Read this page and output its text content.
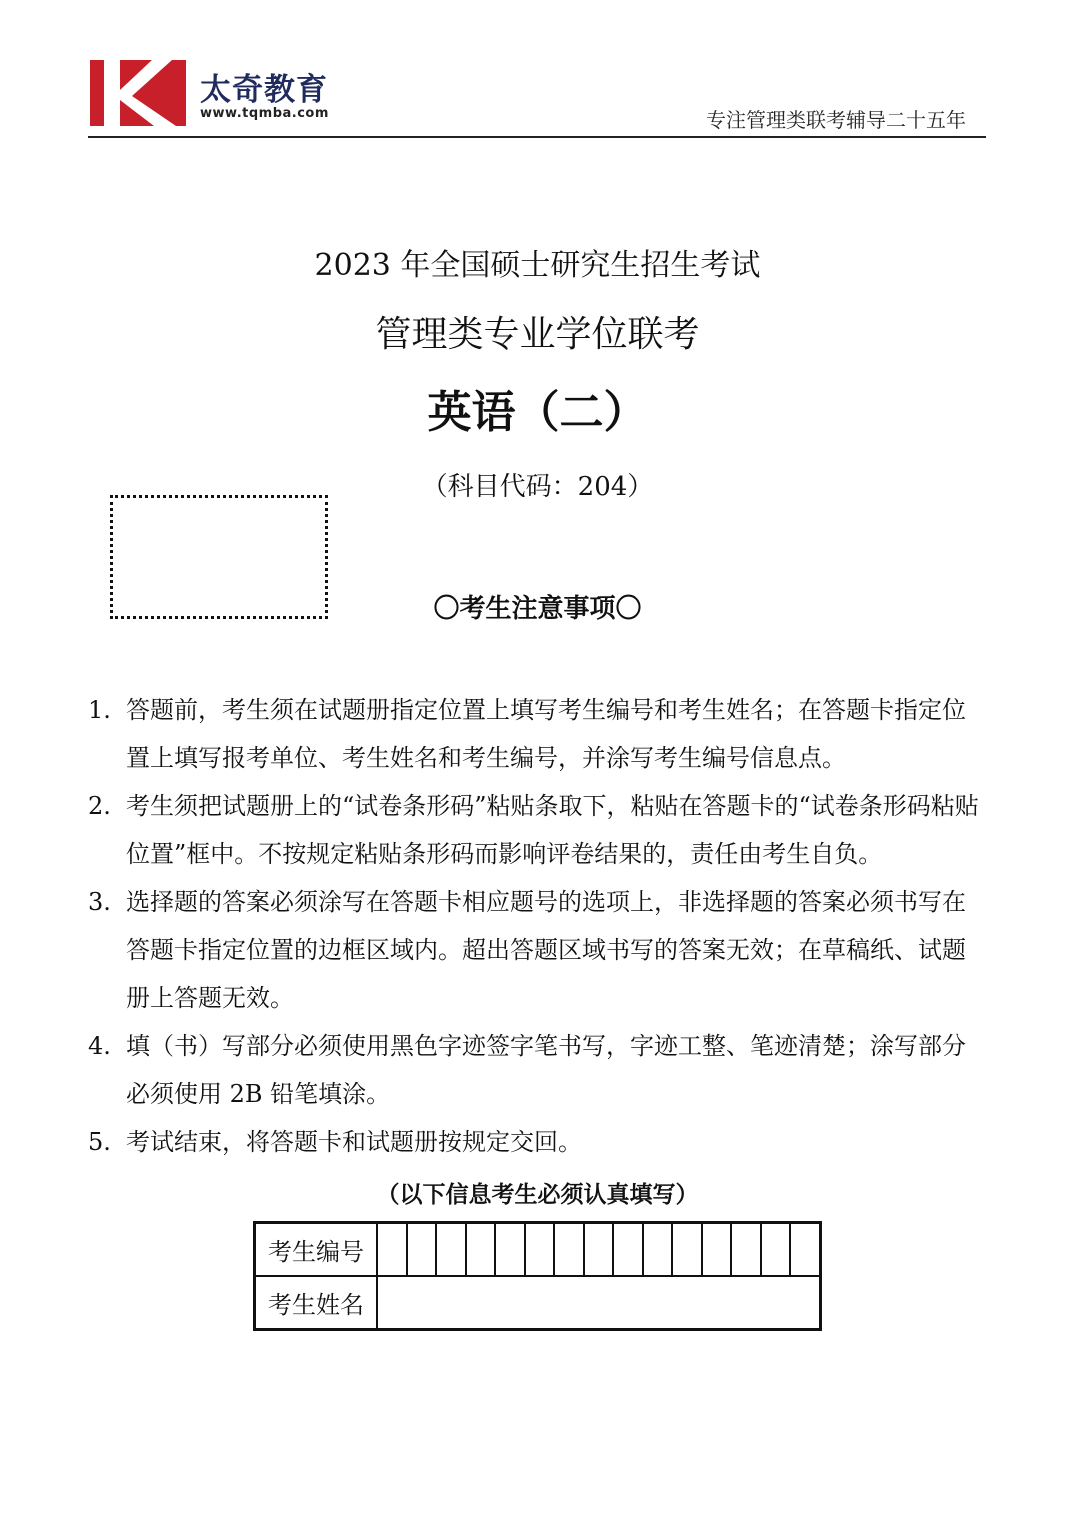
太奇教育
www.tqmba.com	专注管理类联考辅导二十五年
2023 年全国硕士研究生招生考试
管理类专业学位联考
英语（二）
（科目代码：204）
〇考生注意事项〇
1. 答题前，考生须在试题册指定位置上填写考生编号和考生姓名；在答题卡指定位置上填写报考单位、考生姓名和考生编号，并涂写考生编号信息点。
2. 考生须把试题册上的“试卷条形码”粘贴条取下，粘贴在答题卡的“试卷条形码粘贴位置”框中。不按规定粘贴条形码而影响评卷结果的，责任由考生自负。
3. 选择题的答案必须涂写在答题卡相应题号的选项上，非选择题的答案必须书写在答题卡指定位置的边框区域内。超出答题区域书写的答案无效；在草稿纸、试题册上答题无效。
4. 填（书）写部分必须使用黑色字迹签字笔书写，字迹工整、笔迹清楚；涂写部分必须使用 2B 铅笔填涂。
5. 考试结束，将答题卡和试题册按规定交回。
（以下信息考生必须认真填写）
考生编号	

考生姓名	
